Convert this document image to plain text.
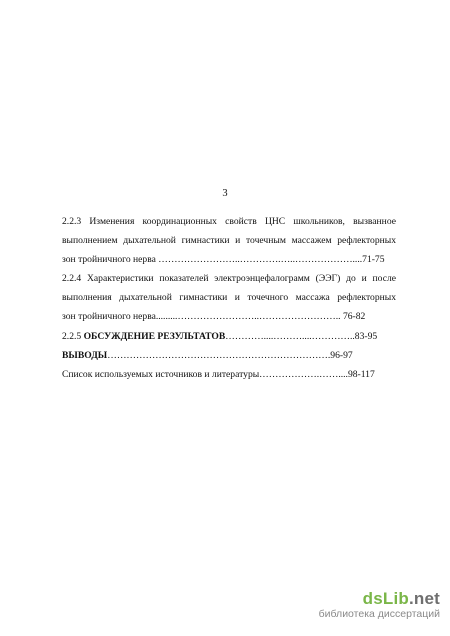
3
2.2.3 Изменения координационных свойств ЦНС школьников, вызванное
выполнением дыхательной гимнастики и точечным массажем рефлекторных
зон тройничного нерва ……………………..………….…..………………....71-75
2.2.4 Характеристики показателей электроэнцефалограмм (ЭЭГ) до и после
выполнения дыхательной гимнастики и точечного массажа рефлекторных
зон тройничного нерва.........……………………..…………………….. 76-82
2.2.5 ОБСУЖДЕНИЕ РЕЗУЛЬТАТОВ…………....………....…………..83-95
ВЫВОДЫ…………………………………………………………….96-97
Список используемых источников и литературы……………….……....98-117
dsLib.net
библиотека диссертаций
